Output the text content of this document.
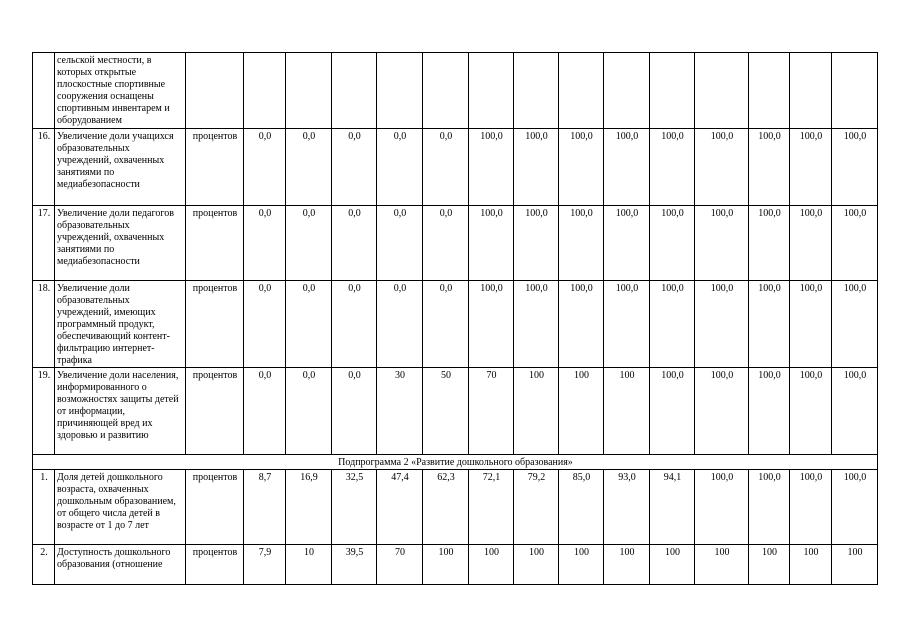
	сельской местности, в которых открытые плоскостные спортивные сооружения оснащены спортивным инвентарем и оборудованием															
16.	Увеличение доли учащихся образовательных учреждений, охваченных занятиями по медиабезопасности	процентов	0,0	0,0	0,0	0,0	0,0	100,0	100,0	100,0	100,0	100,0	100,0	100,0	100,0	100,0
17.	Увеличение доли педагогов образовательных учреждений, охваченных занятиями по медиабезопасности	процентов	0,0	0,0	0,0	0,0	0,0	100,0	100,0	100,0	100,0	100,0	100,0	100,0	100,0	100,0
18.	Увеличение доли образовательных учреждений, имеющих программный продукт, обеспечивающий контент-фильтрацию интернет-трафика	процентов	0,0	0,0	0,0	0,0	0,0	100,0	100,0	100,0	100,0	100,0	100,0	100,0	100,0	100,0
19.	Увеличение доли населения, информированного о возможностях защиты детей от информации, причиняющей вред их здоровью и развитию	процентов	0,0	0,0	0,0	30	50	70	100	100	100	100,0	100,0	100,0	100,0	100,0
Подпрограмма 2 «Развитие дошкольного образования»																
1.	Доля детей дошкольного возраста, охваченных дошкольным образованием, от общего числа детей в возрасте от 1 до 7 лет	процентов	8,7	16,9	32,5	47,4	62,3	72,1	79,2	85,0	93,0	94,1	100,0	100,0	100,0	100,0
2.	Доступность дошкольного образования (отношение	процентов	7,9	10	39,5	70	100	100	100	100	100	100	100	100	100	100
